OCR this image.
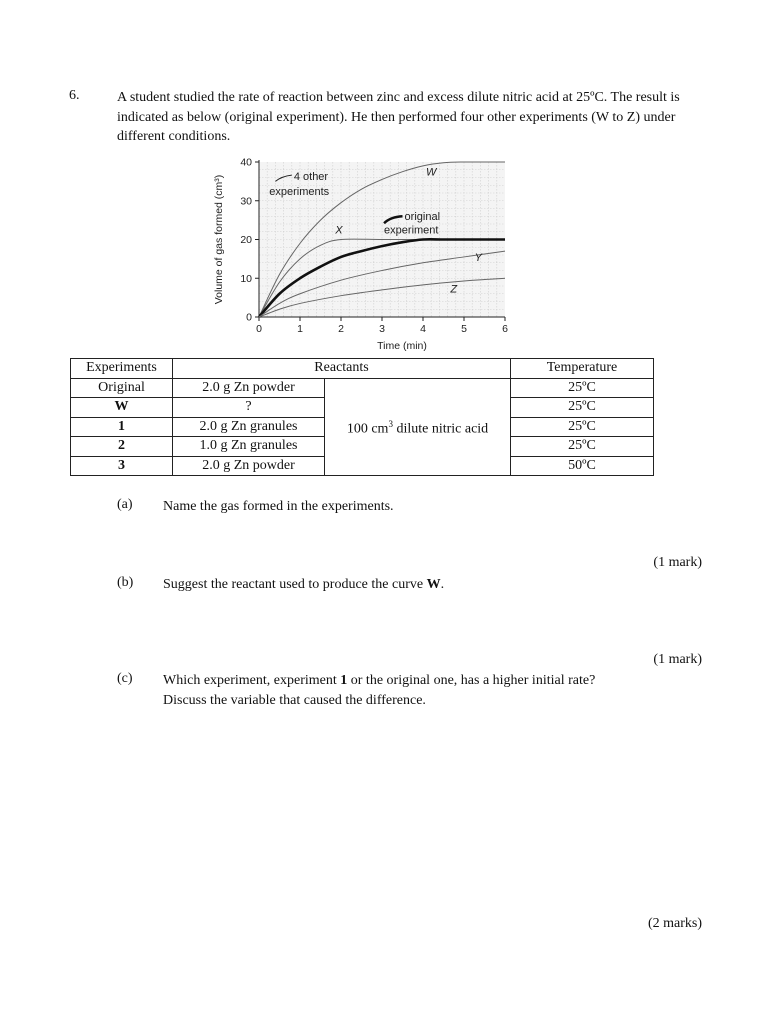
6.	A student studied the rate of reaction between zinc and excess dilute nitric acid at 25ºC. The result is indicated as below (original experiment). He then performed four other experiments (W to Z) under different conditions.
0	1	2	3	4	5	6
0
10
20
30
40
Time (min)
Volume of gas formed (cm³)
W
X
Y
Z
4 other
experiments
original
experiment
Experiments	Reactants		Temperature
Original	2.0 g Zn powder	100 $cm^3$ dilute nitric acid	25ºC
W	?		25ºC
1	2.0 g Zn granules		25ºC
2	1.0 g Zn granules		25ºC
3	2.0 g Zn powder		50ºC
(a) Name the gas formed in the experiments.
(1 mark)
(b) Suggest the reactant used to produce the curve W.
(1 mark)
(c) Which experiment, experiment 1 or the original one, has a higher initial rate?
Discuss the variable that caused the difference.
(2 marks)
